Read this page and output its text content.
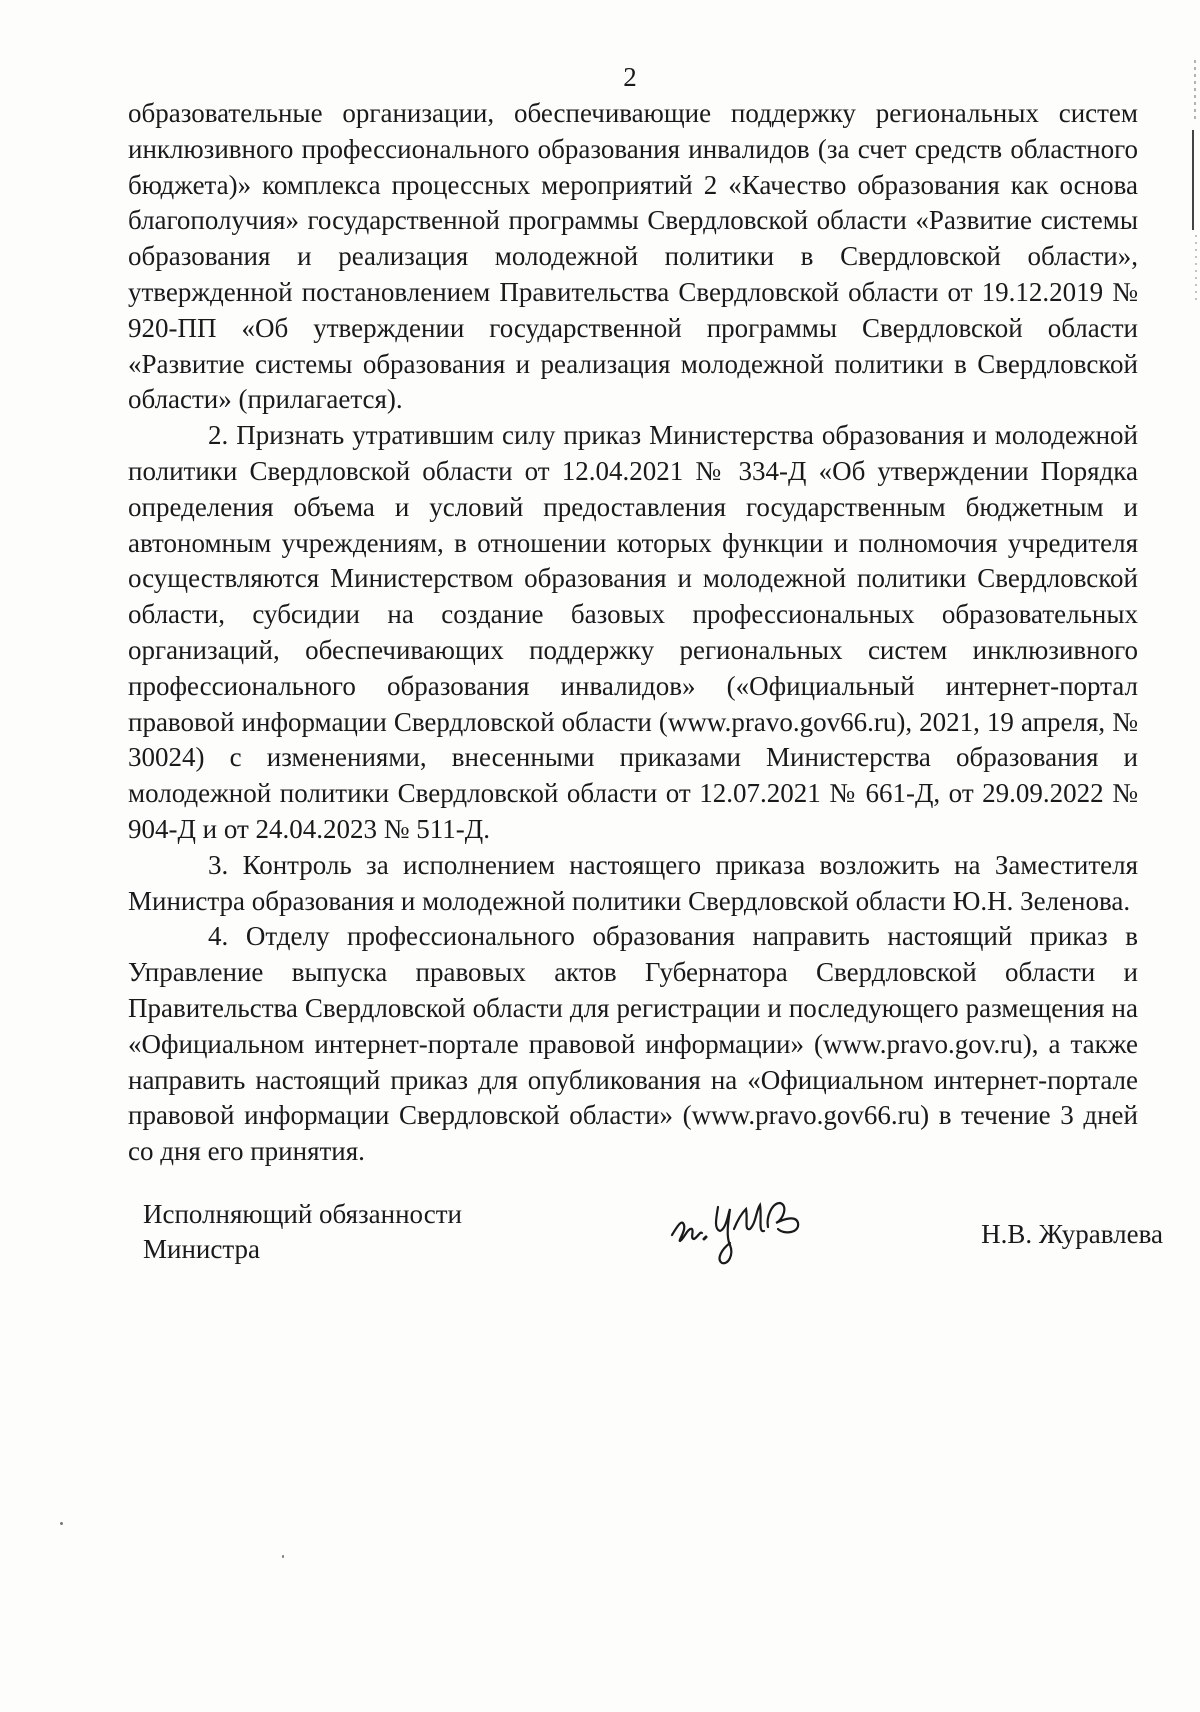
2

образовательные организации, обеспечивающие поддержку региональных систем инклюзивного профессионального образования инвалидов (за счет средств областного бюджета)» комплекса процессных мероприятий 2 «Качество образования как основа благополучия» государственной программы Свердловской области «Развитие системы образования и реализация молодежной политики в Свердловской области», утвержденной постановлением Правительства Свердловской области от 19.12.2019 № 920-ПП «Об утверждении государственной программы Свердловской области «Развитие системы образования и реализация молодежной политики в Свердловской области» (прилагается).

2. Признать утратившим силу приказ Министерства образования и молодежной политики Свердловской области от 12.04.2021 № 334-Д «Об утверждении Порядка определения объема и условий предоставления государственным бюджетным и автономным учреждениям, в отношении которых функции и полномочия учредителя осуществляются Министерством образования и молодежной политики Свердловской области, субсидии на создание базовых профессиональных образовательных организаций, обеспечивающих поддержку региональных систем инклюзивного профессионального образования инвалидов» («Официальный интернет-портал правовой информации Свердловской области (www.pravo.gov66.ru), 2021, 19 апреля, № 30024) с изменениями, внесенными приказами Министерства образования и молодежной политики Свердловской области от 12.07.2021 № 661-Д, от 29.09.2022 № 904-Д и от 24.04.2023 № 511-Д.

3. Контроль за исполнением настоящего приказа возложить на Заместителя Министра образования и молодежной политики Свердловской области Ю.Н. Зеленова.

4. Отделу профессионального образования направить настоящий приказ в Управление выпуска правовых актов Губернатора Свердловской области и Правительства Свердловской области для регистрации и последующего размещения на «Официальном интернет-портале правовой информации» (www.pravo.gov.ru), а также направить настоящий приказ для опубликования на «Официальном интернет-портале правовой информации Свердловской области» (www.pravo.gov66.ru) в течение 3 дней со дня его принятия.

Исполняющий обязанности
Министра	Н.В. Журавлева
